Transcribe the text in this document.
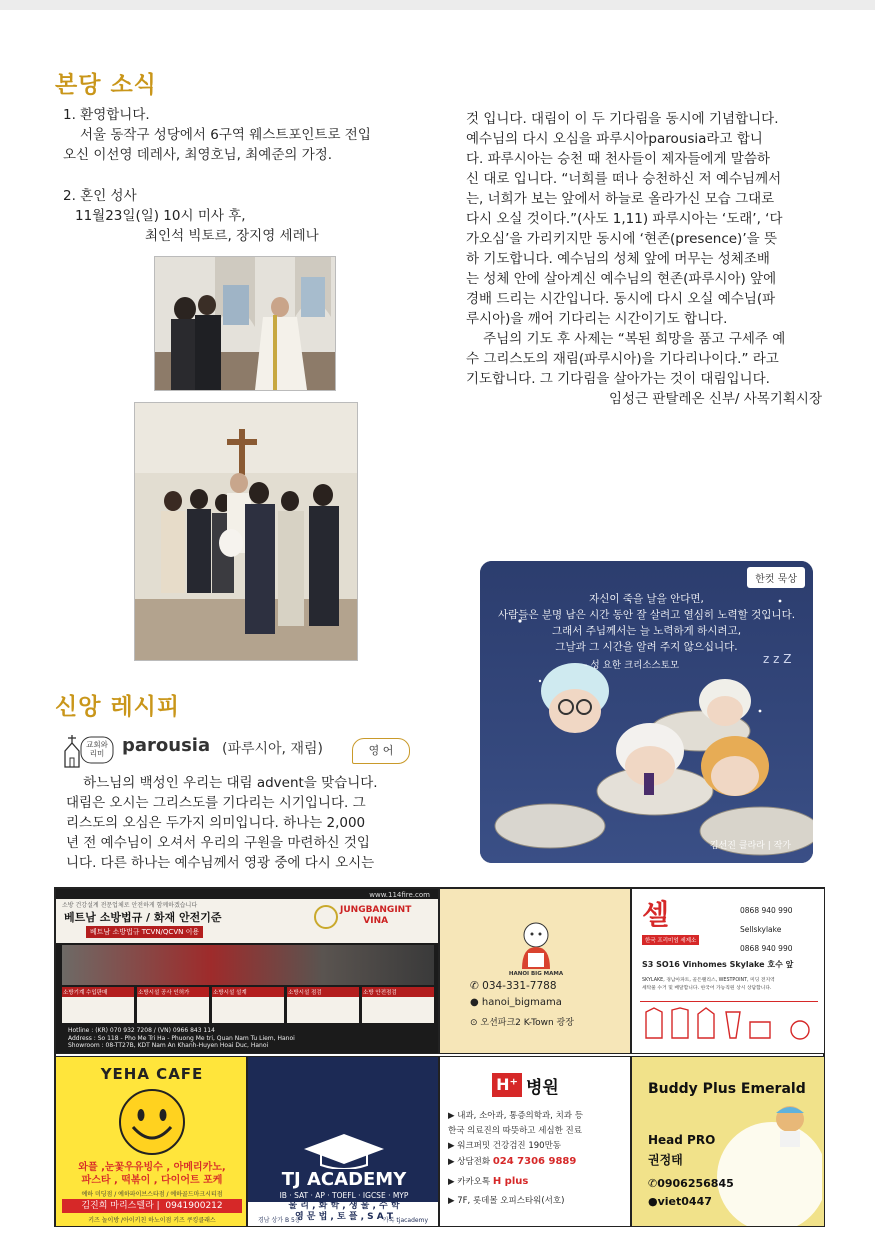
본당 소식
1. 환영합니다.
서울 동작구 성당에서 6구역 웨스트포인트로 전입
오신 이선영 데레사, 최영호님, 최예준의 가정.
2. 혼인 성사
11월23일(일) 10시 미사 후,
최인석 빅토르, 장지영 세레나
것 입니다. 대림이 이 두 기다림을 동시에 기념합니다.
예수님의 다시 오심을 파루시아parousia라고 합니
다. 파루시아는 승천 때 천사들이 제자들에게 말씀하
신 대로 입니다. “너희를 떠나 승천하신 저 예수님께서
는, 너희가 보는 앞에서 하늘로 올라가신 모습 그대로
다시 오실 것이다.”(사도 1,11) 파루시아는 ‘도래’, ‘다
가오심’을 가리키지만 동시에 ‘현존(presence)’을 뜻
하 기도합니다. 예수님의 성체 앞에 머무는 성체조배
는 성체 안에 살아계신 예수님의 현존(파루시아) 앞에
경배 드리는 시간입니다. 동시에 다시 오실 예수님(파
루시아)을 깨어 기다리는 시간이기도 합니다.
주님의 기도 후 사제는 “복된 희망을 품고 구세주 예
수 그리스도의 재림(파루시아)을 기다리나이다.” 라고
기도합니다. 그 기다림을 살아가는 것이 대림입니다.
임성근 판탈레온 신부/ 사목기획시장
z z Z
한컷 묵상
자신이 죽을 날을 안다면,
사람들은 분명 남은 시간 동안 잘 살려고 열심히 노력할 것입니다.
그래서 주님께서는 늘 노력하게 하시려고,
그날과 그 시간을 알려 주지 않으십니다.
- 성 요한 크리소스토모
김선진 클라라 | 작가
신앙 레시피
교회와
리미 parousia (파루시아, 재림)	영 어
하느님의 백성인 우리는 대림 advent을 맞습니다.
대림은 오시는 그리스도를 기다리는 시기입니다. 그
리스도의 오심은 두가지 의미입니다. 하나는 2,000
년 전 예수님이 오셔서 우리의 구원을 마련하신 것입
니다. 다른 하나는 예수님께서 영광 중에 다시 오시는
www.114fire.com
소방 건강설계 전문업체로 안전하게 함께하겠습니다
베트남 소방법규 / 화재 안전기준
베트남 소방법규 TCVN/QCVN 이용
JUNGBANGINT
VINA
소방기계 수입판매	소방시설 공사 인허가	소방시설 설계	소방시설 점검	소방 안전점검
Hotline : (KR) 070 932 7208 / (VN) 0966 843 114
Address : So 118 - Pho Me Tri Ha - Phuong Me tri, Quan Nam Tu Liem, Hanoi
Showroom : 08-TT27B, KDT Nam An Khanh-Huyen Hoai Duc, Hanoi
HANOI BIG MAMA
✆ 034-331-7788
● hanoi_bigmama
⊙ 오션파크2 K-Town 광장
셀
한국 프리미엄 세제소
0868 940 990
Sellskylake
0868 940 990
S3 SO16 Vinhomes Skylake 호수 앞
SKYLAKE, 경남아파트, 골든팰리스, WESTPOINT, 미딩 전지역
세탁물 수거 및 배달합니다. 한국어 가능직원 상시 상담합니다.
YEHA CAFE
와플 ,눈꽃우유빙수 , 아메리카노,
파스타 , 떡볶이 , 다이어트 포케
예하 미딩점 / 예하파이브스타점 / 예하골드마크시티점
김진희 마리스텔라 |  0941900212
키즈 놀이방 /아이키친 하노이점 키즈 쿠킹클래스
TJ ACADEMY
IB · SAT · AP · TOEFL · IGCSE · MYP
물 리 , 화 학 , 생 물 , 수 학
영 문 법 , 토 플 , S A T
경남 상가 B 5층	카톡 tjacademy
H⁺ 병원
▶ 내과, 소아과, 통증의학과, 치과 등
한국 의료진의 따뜻하고 세심한 진료
▶ 워크퍼밋 건강검진 190만동
▶ 상담전화 024 7306 9889
▶ 카카오톡 H plus
▶ 7F, 롯데몰 오피스타워(서호)
Buddy Plus Emerald
Head PRO
권정태
✆0906256845
●viet0447
